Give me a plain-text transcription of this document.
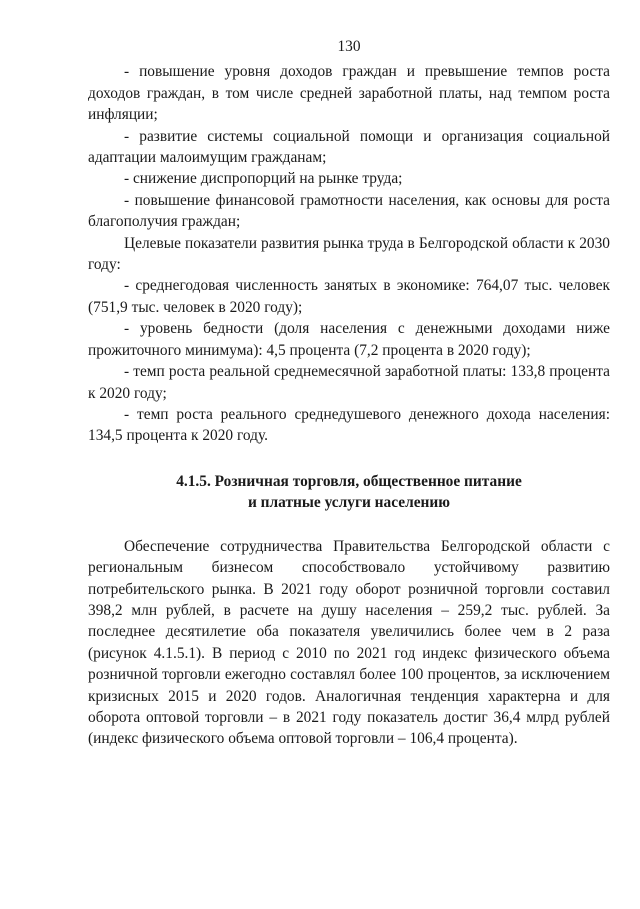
130

- повышение уровня доходов граждан и превышение темпов роста доходов граждан, в том числе средней заработной платы, над темпом роста инфляции;

- развитие системы социальной помощи и организация социальной адаптации малоимущим гражданам;

- снижение диспропорций на рынке труда;

- повышение финансовой грамотности населения, как основы для роста благополучия граждан;

Целевые показатели развития рынка труда в Белгородской области к 2030 году:

- среднегодовая численность занятых в экономике: 764,07 тыс. человек (751,9 тыс. человек в 2020 году);

- уровень бедности (доля населения с денежными доходами ниже прожиточного минимума): 4,5 процента (7,2 процента в 2020 году);

- темп роста реальной среднемесячной заработной платы: 133,8 процента к 2020 году;

- темп роста реального среднедушевого денежного дохода населения: 134,5 процента к 2020 году.

4.1.5. Розничная торговля, общественное питание
и платные услуги населению

Обеспечение сотрудничества Правительства Белгородской области с региональным бизнесом способствовало устойчивому развитию потребительского рынка. В 2021 году оборот розничной торговли составил 398,2 млн рублей, в расчете на душу населения – 259,2 тыс. рублей. За последнее десятилетие оба показателя увеличились более чем в 2 раза (рисунок 4.1.5.1). В период с 2010 по 2021 год индекс физического объема розничной торговли ежегодно составлял более 100 процентов, за исключением кризисных 2015 и 2020 годов. Аналогичная тенденция характерна и для оборота оптовой торговли – в 2021 году показатель достиг 36,4 млрд рублей (индекс физического объема оптовой торговли – 106,4 процента).
